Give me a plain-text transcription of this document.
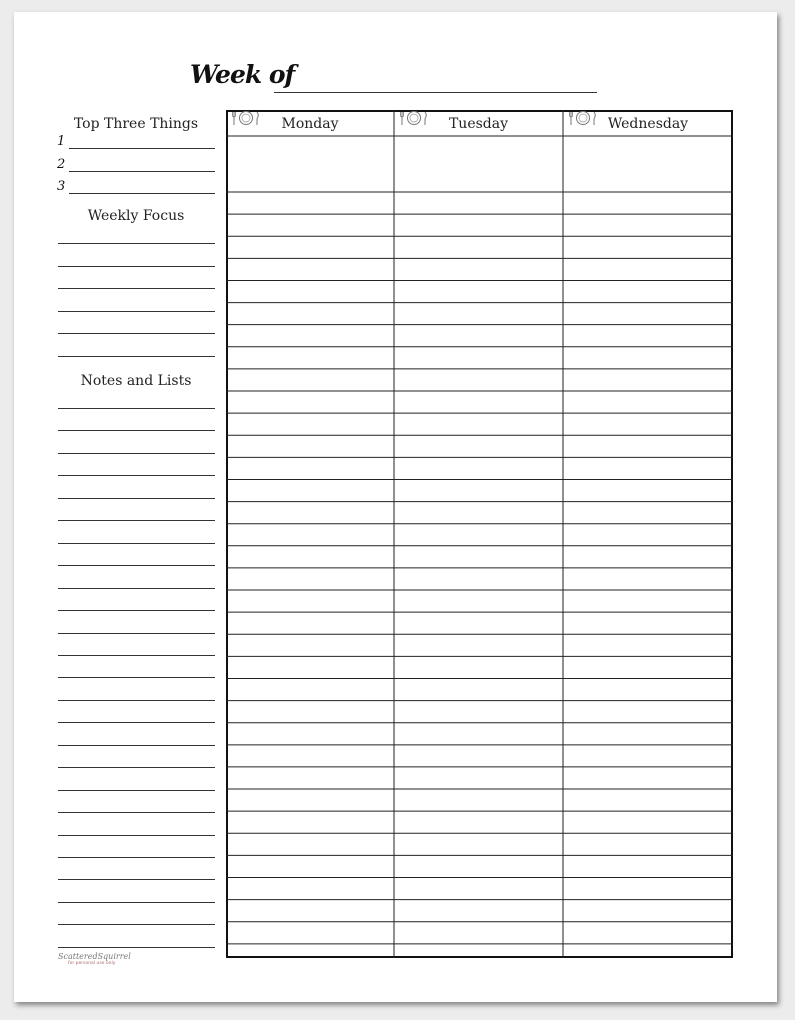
Week of
Top Three Things
1
2
3
Weekly Focus
Notes and Lists
Monday	Tuesday	Wednesday
ScatteredSquirrel
for personal use only
